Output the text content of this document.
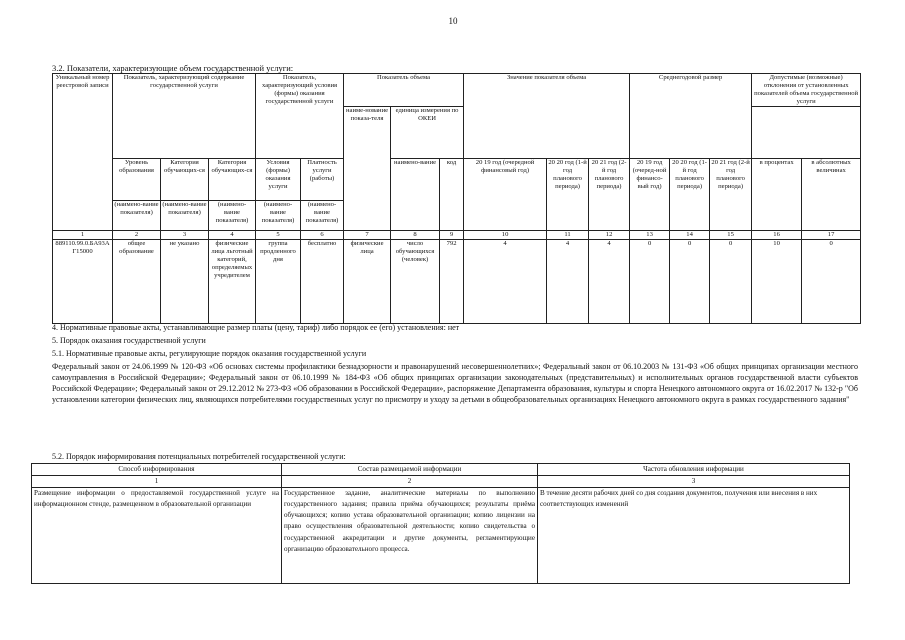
10
3.2. Показатели, характеризующие объем государственной услуги:
Уникальный номер реестровой записи	Показатель, характеризующий содержание государственной услуги			Показатель, характеризующий условия (формы) оказания государственной услуги		Показатель объема			Значение показателя объема			Среднегодовой размер			Допустимые (возможные) отклонения от установленных показателей объема государственной услуги	
						наиме-нование показа-теля	единица измерения по ОКЕИ									
	Уровень образования	Категория обучающих-ся	Категория обучающих-ся	Условия (формы) оказания услуги	Платность услуги (работы)		наимено-вание	код	20 19 год (очередной финансовый год)	20 20 год (1-й год планового периода)	20 21 год (2-й год планового периода)	20 19 год (очеред-ной финансо-вый год)	20 20 год (1-й год планового периода)	20 21 год (2-й год планового периода)	в процентах	в абсолютных величинах
	(наимено-вание показателя)	(наимено-вание показателя)	(наимено-вание показателя)	(наимено-вание показателя)	(наимено-вание показателя)											
1	2	3	4	5	6	7	8	9	10	11	12	13	14	15	16	17
889110.99.0.БА93АГ15000	общее образование	не указано	физические лица льготный категорий, определяемых учредителем	группа продленного дня	бесплатно	физические лица	число обучающихся (человек)	792	4	4	4	0	0	0	10	0
4. Нормативные правовые акты, устанавливающие размер платы (цену, тариф) либо порядок ее (его) установления: нет
5. Порядок оказания государственной услуги
5.1. Нормативные правовые акты, регулирующие порядок оказания государственной услуги
Федеральный закон от 24.06.1999 № 120-ФЗ «Об основах системы профилактики безнадзорности и правонарушений несовершеннолетних»; Федеральный закон от 06.10.2003 № 131-ФЗ «Об общих принципах организации местного самоуправления в Российской Федерации»; Федеральный закон от 06.10.1999 № 184-ФЗ «Об общих принципах организации законодательных (представительных) и исполнительных органов государственной власти субъектов Российской Федерации»; Федеральный закон от 29.12.2012 № 273-ФЗ «Об образовании в Российской Федерации», распоряжение Департамента образования, культуры и спорта Ненецкого автономного округа от 16.02.2017 № 132-р "Об установлении категории физических лиц, являющихся потребителями государственных услуг по присмотру и уходу за детьми в общеобразовательных организациях Ненецкого автономного округа в рамках государственного задания"
5.2. Порядок информирования потенциальных потребителей государственной услуги:
Способ информирования	Состав размещаемой информации	Частота обновления информации
1	2	3
Размещение информации о предоставляемой государственной услуге на информационном стенде, размещенном в образовательной организации	Государственное задание, аналитические материалы по выполнению государственного задания; правила приёма обучающихся; результаты приёма обучающихся; копию устава образовательной организации; копию лицензии на право осуществления образовательной деятельности; копию свидетельства о государственной аккредитации и другие документы, регламентирующие организацию образовательного процесса.	В течение десяти рабочих дней со дня создания документов, получения или внесения в них соответствующих изменений
